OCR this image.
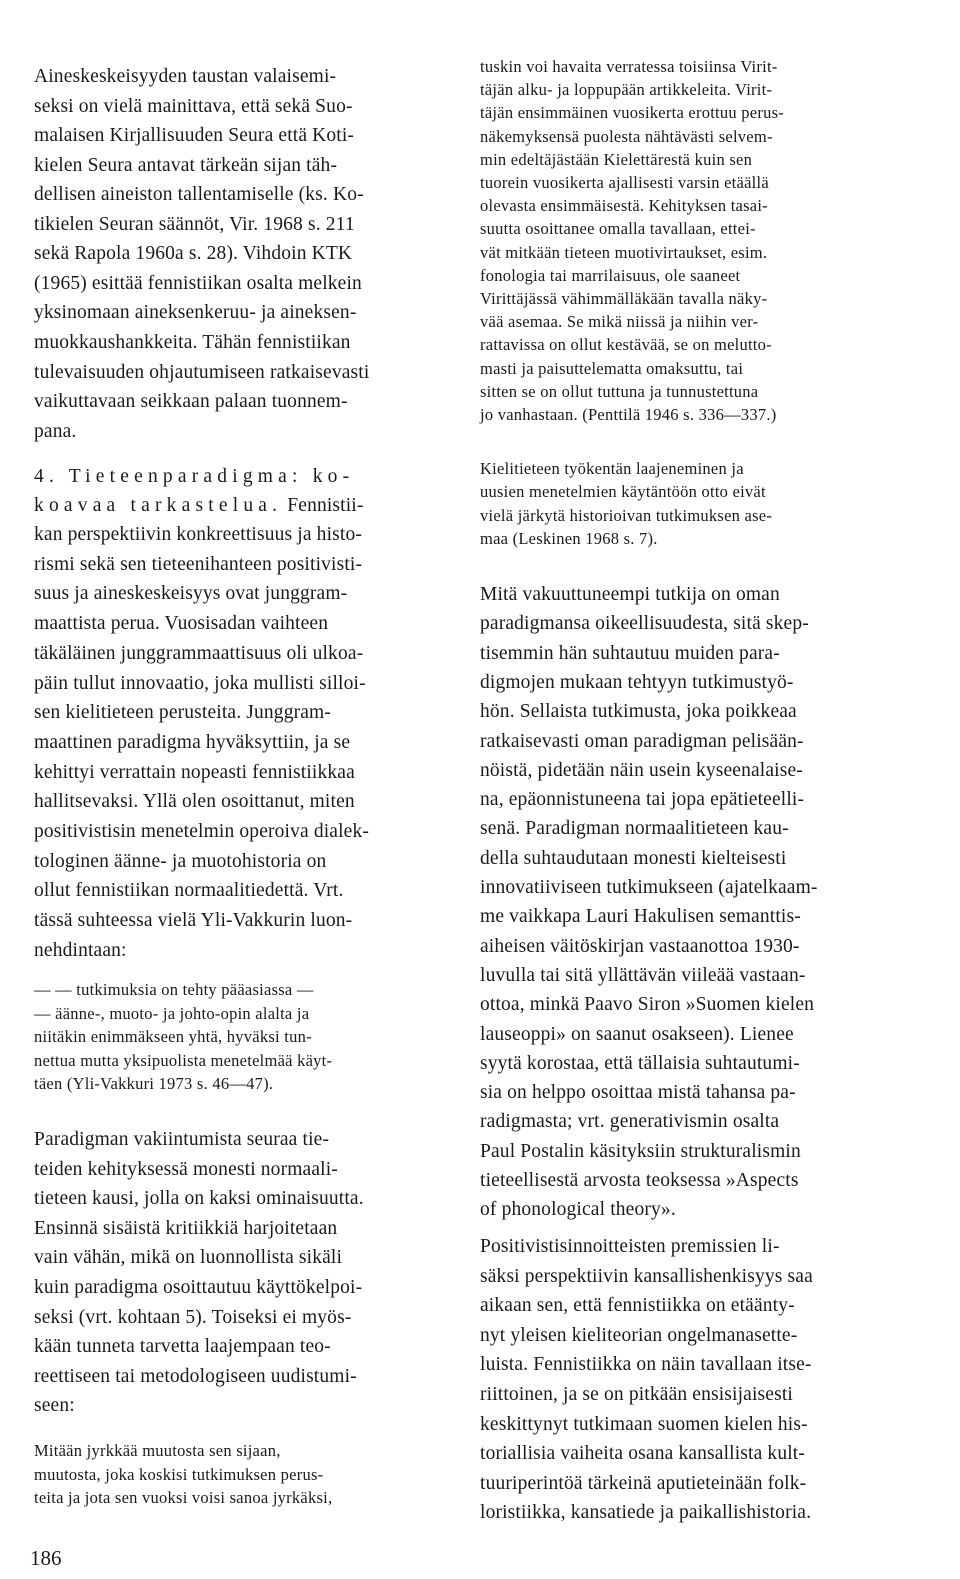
Aineskeskeisyyden taustan valaisemi-
seksi on vielä mainittava, että sekä Suo-
malaisen Kirjallisuuden Seura että Koti-
kielen Seura antavat tärkeän sijan täh-
dellisen aineiston tallentamiselle (ks. Ko-
tikielen Seuran säännöt, Vir. 1968 s. 211
sekä Rapola 1960a s. 28). Vihdoin KTK
(1965) esittää fennistiikan osalta melkein
yksinomaan aineksenkeruu- ja aineksen-
muokkaushankkeita. Tähän fennistiikan
tulevaisuuden ohjautumiseen ratkaisevasti
vaikuttavaan seikkaan palaan tuonnem-
pana.
4. Tieteenparadigma: ko-
koavaa tarkastelua. Fennistii-
kan perspektiivin konkreettisuus ja histo-
rismi sekä sen tieteenihanteen positivisti-
suus ja aineskeskeisyys ovat junggram-
maattista perua. Vuosisadan vaihteen
täkäläinen junggrammaattisuus oli ulkoa-
päin tullut innovaatio, joka mullisti silloi-
sen kielitieteen perusteita. Junggram-
maattinen paradigma hyväksyttiin, ja se
kehittyi verrattain nopeasti fennistiikkaa
hallitsevaksi. Yllä olen osoittanut, miten
positivistisin menetelmin operoiva dialek-
tologinen äänne- ja muotohistoria on
ollut fennistiikan normaalitiedettä. Vrt.
tässä suhteessa vielä Yli-Vakkurin luon-
nehdintaan:
— — tutkimuksia on tehty pääasiassa —
— äänne-, muoto- ja johto-opin alalta ja
niitäkin enimmäkseen yhtä, hyväksi tun-
nettua mutta yksipuolista menetelmää käyt-
täen (Yli-Vakkuri 1973 s. 46—47).
Paradigman vakiintumista seuraa tie-
teiden kehityksessä monesti normaali-
tieteen kausi, jolla on kaksi ominaisuutta.
Ensinnä sisäistä kritiikkiä harjoitetaan
vain vähän, mikä on luonnollista sikäli
kuin paradigma osoittautuu käyttökelpoi-
seksi (vrt. kohtaan 5). Toiseksi ei myös-
kään tunneta tarvetta laajempaan teo-
reettiseen tai metodologiseen uudistumi-
seen:
Mitään jyrkkää muutosta sen sijaan,
muutosta, joka koskisi tutkimuksen perus-
teita ja jota sen vuoksi voisi sanoa jyrkäksi,
tuskin voi havaita verratessa toisiinsa Virit-
täjän alku- ja loppupään artikkeleita. Virit-
täjän ensimmäinen vuosikerta erottuu perus-
näkemyksensä puolesta nähtävästi selvem-
min edeltäjästään Kielettärestä kuin sen
tuorein vuosikerta ajallisesti varsin etäällä
olevasta ensimmäisestä. Kehityksen tasai-
suutta osoittanee omalla tavallaan, ettei-
vät mitkään tieteen muotivirtaukset, esim.
fonologia tai marrilaisuus, ole saaneet
Virittäjässä vähimmälläkään tavalla näky-
vää asemaa. Se mikä niissä ja niihin ver-
rattavissa on ollut kestävää, se on melutto-
masti ja paisuttelematta omaksuttu, tai
sitten se on ollut tuttuna ja tunnustettuna
jo vanhastaan. (Penttilä 1946 s. 336—337.)
Kielitieteen työkentän laajeneminen ja
uusien menetelmien käytäntöön otto eivät
vielä järkytä historioivan tutkimuksen ase-
maa (Leskinen 1968 s. 7).
Mitä vakuuttuneempi tutkija on oman
paradigmansa oikeellisuudesta, sitä skep-
tisemmin hän suhtautuu muiden para-
digmojen mukaan tehtyyn tutkimustyö-
hön. Sellaista tutkimusta, joka poikkeaa
ratkaisevasti oman paradigman pelisään-
nöistä, pidetään näin usein kyseenalaise-
na, epäonnistuneena tai jopa epätieteelli-
senä. Paradigman normaalitieteen kau-
della suhtaudutaan monesti kielteisesti
innovatiiviseen tutkimukseen (ajatelkaam-
me vaikkapa Lauri Hakulisen semanttis-
aiheisen väitöskirjan vastaanottoa 1930-
luvulla tai sitä yllättävän viileää vastaan-
ottoa, minkä Paavo Siron »Suomen kielen
lauseoppi» on saanut osakseen). Lienee
syytä korostaa, että tällaisia suhtautumi-
sia on helppo osoittaa mistä tahansa pa-
radigmasta; vrt. generativismin osalta
Paul Postalin käsityksiin strukturalismin
tieteellisestä arvosta teoksessa »Aspects
of phonological theory».
Positivistisinnoitteisten premissien li-
säksi perspektiivin kansallishenkisyys saa
aikaan sen, että fennistiikka on etäänty-
nyt yleisen kieliteorian ongelmanasette-
luista. Fennistiikka on näin tavallaan itse-
riittoinen, ja se on pitkään ensisijaisesti
keskittynyt tutkimaan suomen kielen his-
toriallisia vaiheita osana kansallista kult-
tuuriperintöä tärkeinä aputieteinään folk-
loristiikka, kansatiede ja paikallishistoria.
186
